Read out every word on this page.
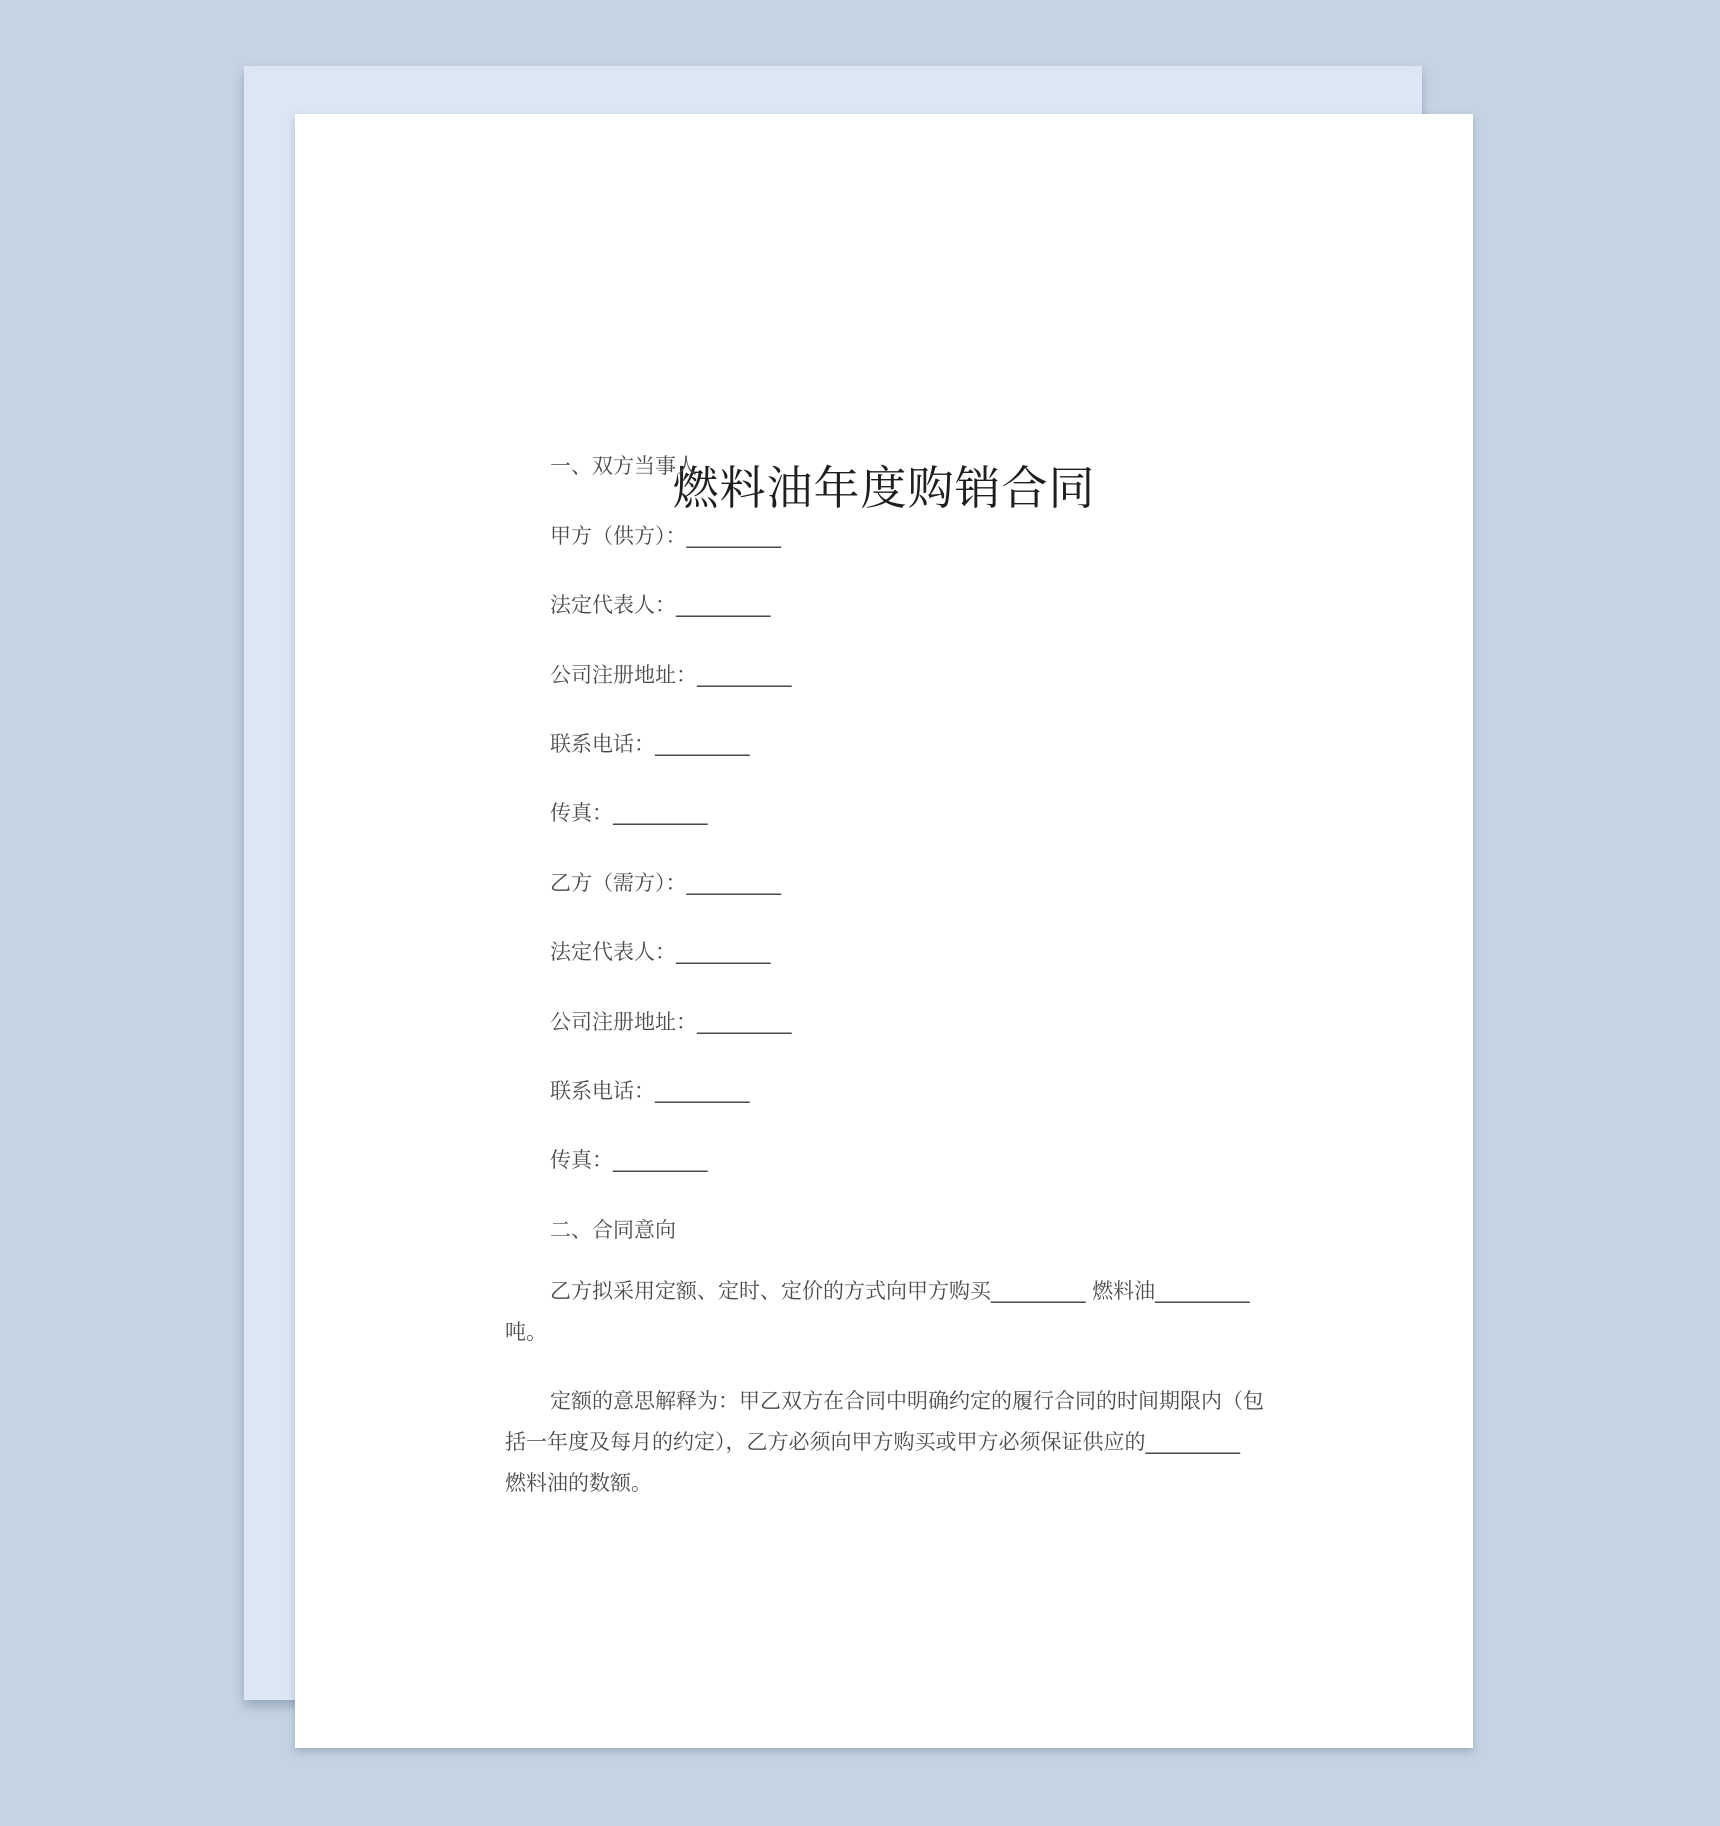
燃料油年度购销合同
一、双方当事人
甲方（供方）：_________
法定代表人：_________
公司注册地址：_________
联系电话：_________
传真：_________
乙方（需方）：_________
法定代表人：_________
公司注册地址：_________
联系电话：_________
传真：_________
二、合同意向
乙方拟采用定额、定时、定价的方式向甲方购买_________ 燃料油_________ 吨。
定额的意思解释为：甲乙双方在合同中明确约定的履行合同的时间期限内（包括一年度及每月的约定），乙方必须向甲方购买或甲方必须保证供应的_________ 燃料油的数额。
